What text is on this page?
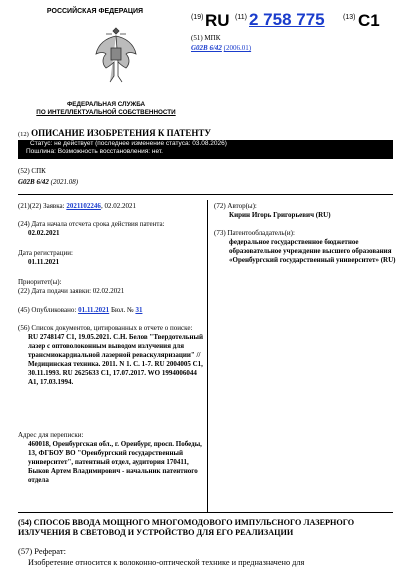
РОССИЙСКАЯ ФЕДЕРАЦИЯ
ФЕДЕРАЛЬНАЯ СЛУЖБА
ПО ИНТЕЛЛЕКТУАЛЬНОЙ СОБСТВЕННОСТИ
(19) RU (11) 2 758 775	(13) C1
(51) МПК
G02B 6/42 (2006.01)
(12) ОПИСАНИЕ ИЗОБРЕТЕНИЯ К ПАТЕНТУ
Статус: не действует (последнее изменение статуса: 03.08.2026)
Пошлина: Возможность восстановления: нет.
(52) СПК
G02B 6/42 (2021.08)
(21)(22) Заявка: 2021102246, 02.02.2021
(24) Дата начала отсчета срока действия патента:
02.02.2021
Дата регистрации:
01.11.2021
Приоритет(ы):
(22) Дата подачи заявки: 02.02.2021
(45) Опубликовано: 01.11.2021 Бюл. № 31
(56) Список документов, цитированных в отчете о поиске:
RU 2748147 C1, 19.05.2021. С.Н. Белов "Твердотельный лазер с оптоволоконным выводом излучения для трансмиокардиальной лазерной реваскуляризации" // Медицинская техника. 2011. N 1. С. 1-7. RU 2004005 C1, 30.11.1993. RU 2625633 C1, 17.07.2017. WO 1994006044 A1, 17.03.1994.
Адрес для переписки:
460018, Оренбургская обл., г. Оренбург, просп. Победы, 13, ФГБОУ ВО "Оренбургский государственный университет", патентный отдел, аудитория 170411, Быков Артем Владимирович - начальник патентного отдела
(72) Автор(ы):
Кирин Игорь Григорьевич (RU)
(73) Патентообладатель(и):
федеральное государственное бюджетное образовательное учреждение высшего образования «Оренбургский государственный университет» (RU)
(54) СПОСОБ ВВОДА МОЩНОГО МНОГОМОДОВОГО ИМПУЛЬСНОГО ЛАЗЕРНОГО ИЗЛУЧЕНИЯ В СВЕТОВОД И УСТРОЙСТВО ДЛЯ ЕГО РЕАЛИЗАЦИИ
(57) Реферат:
Изобретение относится к волоконно-оптической технике и предназначено для
